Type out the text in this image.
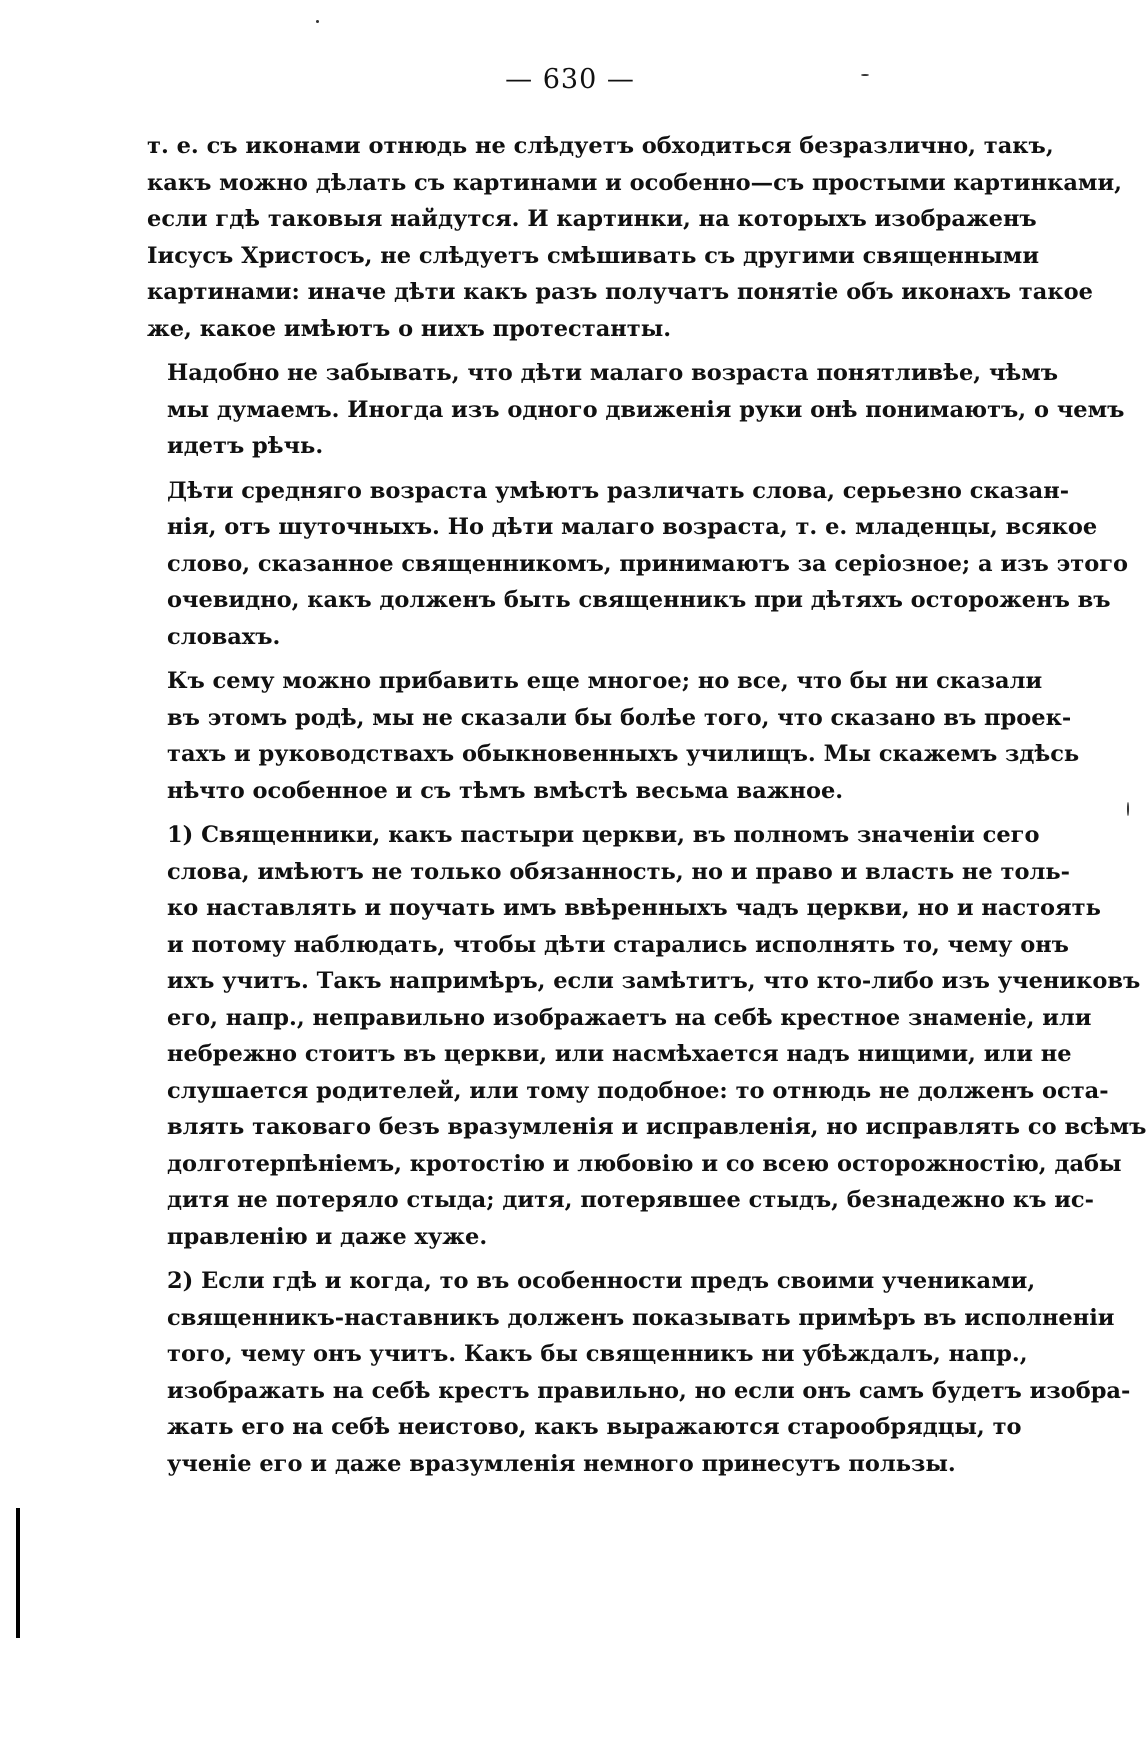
— 630 —

т. е. съ иконами отнюдь не слѣдуетъ обходиться безразлично, такъ,
какъ можно дѣлать съ картинами и особенно—съ простыми картинками,
если гдѣ таковыя найдутся. И картинки, на которыхъ изображенъ
Іисусъ Христосъ, не слѣдуетъ смѣшивать съ другими священными
картинами: иначе дѣти какъ разъ получатъ понятіе объ иконахъ такое
же, какое имѣютъ о нихъ протестанты.

Надобно не забывать, что дѣти малаго возраста понятливѣе, чѣмъ
мы думаемъ. Иногда изъ одного движенія руки онѣ понимаютъ, о чемъ
идетъ рѣчь.

Дѣти средняго возраста умѣютъ различать слова, серьезно сказан-
нія, отъ шуточныхъ. Но дѣти малаго возраста, т. е. младенцы, всякое
слово, сказанное священникомъ, принимаютъ за серіозное; а изъ этого
очевидно, какъ долженъ быть священникъ при дѣтяхъ остороженъ въ
словахъ.

Къ сему можно прибавить еще многое; но все, что бы ни сказали
въ этомъ родѣ, мы не сказали бы болѣе того, что сказано въ проек-
тахъ и руководствахъ обыкновенныхъ училищъ. Мы скажемъ здѣсь
нѣчто особенное и съ тѣмъ вмѣстѣ весьма важное.

1) Священники, какъ пастыри церкви, въ полномъ значеніи сего
слова, имѣютъ не только обязанность, но и право и власть не толь-
ко наставлять и поучать имъ ввѣренныхъ чадъ церкви, но и настоять
и потому наблюдать, чтобы дѣти старались исполнять то, чему онъ
ихъ учитъ. Такъ напримѣръ, если замѣтитъ, что кто-либо изъ учениковъ
его, напр., неправильно изображаетъ на себѣ крестное знаменіе, или
небрежно стоитъ въ церкви, или насмѣхается надъ нищими, или не
слушается родителей, или тому подобное: то отнюдь не долженъ оста-
влять таковаго безъ вразумленія и исправленія, но исправлять со всѣмъ
долготерпѣніемъ, кротостію и любовію и со всею осторожностію, дабы
дитя не потеряло стыда; дитя, потерявшее стыдъ, безнадежно къ ис-
правленію и даже хуже.

2) Если гдѣ и когда, то въ особенности предъ своими учениками,
священникъ-наставникъ долженъ показывать примѣръ въ исполненіи
того, чему онъ учитъ. Какъ бы священникъ ни убѣждалъ, напр.,
изображать на себѣ крестъ правильно, но если онъ самъ будетъ изобра-
жать его на себѣ неистово, какъ выражаются старообрядцы, то
ученіе его и даже вразумленія немного принесутъ пользы.
